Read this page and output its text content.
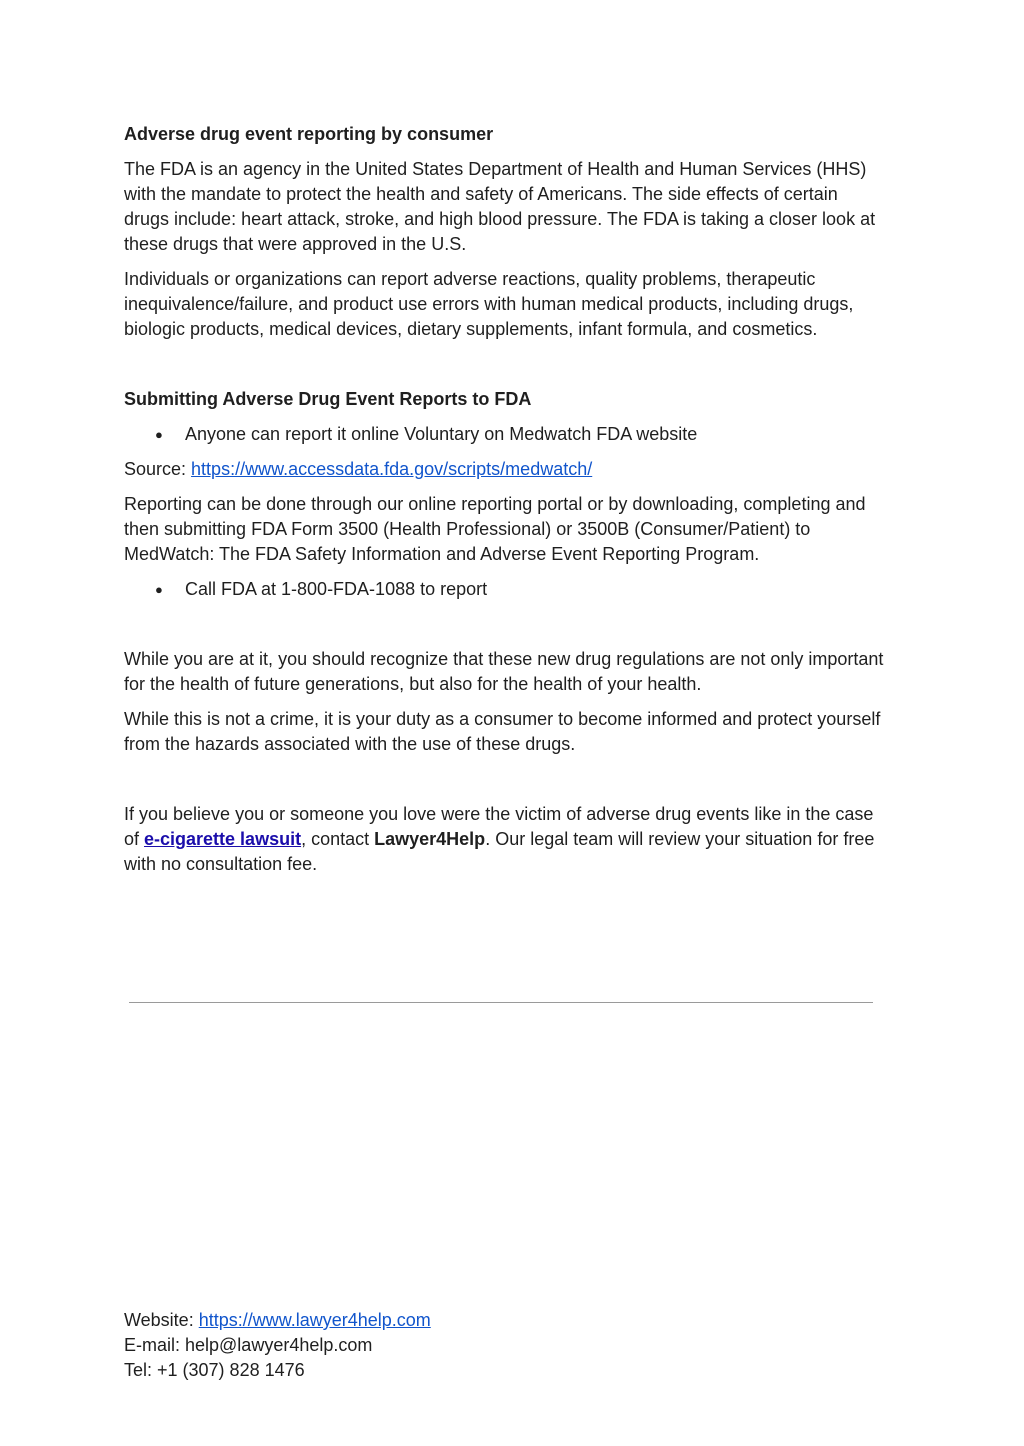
Adverse drug event reporting by consumer

The FDA is an agency in the United States Department of Health and Human Services (HHS) with the mandate to protect the health and safety of Americans. The side effects of certain drugs include: heart attack, stroke, and high blood pressure. The FDA is taking a closer look at these drugs that were approved in the U.S.

Individuals or organizations can report adverse reactions, quality problems, therapeutic inequivalence/failure, and product use errors with human medical products, including drugs, biologic products, medical devices, dietary supplements, infant formula, and cosmetics.

Submitting Adverse Drug Event Reports to FDA
● Anyone can report it online Voluntary on Medwatch FDA website

Source: https://www.accessdata.fda.gov/scripts/medwatch/

Reporting can be done through our online reporting portal or by downloading, completing and then submitting FDA Form 3500 (Health Professional) or 3500B (Consumer/Patient) to MedWatch: The FDA Safety Information and Adverse Event Reporting Program.

● Call FDA at 1-800-FDA-1088 to report

While you are at it, you should recognize that these new drug regulations are not only important for the health of future generations, but also for the health of your health.

While this is not a crime, it is your duty as a consumer to become informed and protect yourself from the hazards associated with the use of these drugs.

If you believe you or someone you love were the victim of adverse drug events like in the case of e-cigarette lawsuit, contact Lawyer4Help. Our legal team will review your situation for free with no consultation fee.

Website: https://www.lawyer4help.com
E-mail: help@lawyer4help.com
Tel: +1 (307) 828 1476
